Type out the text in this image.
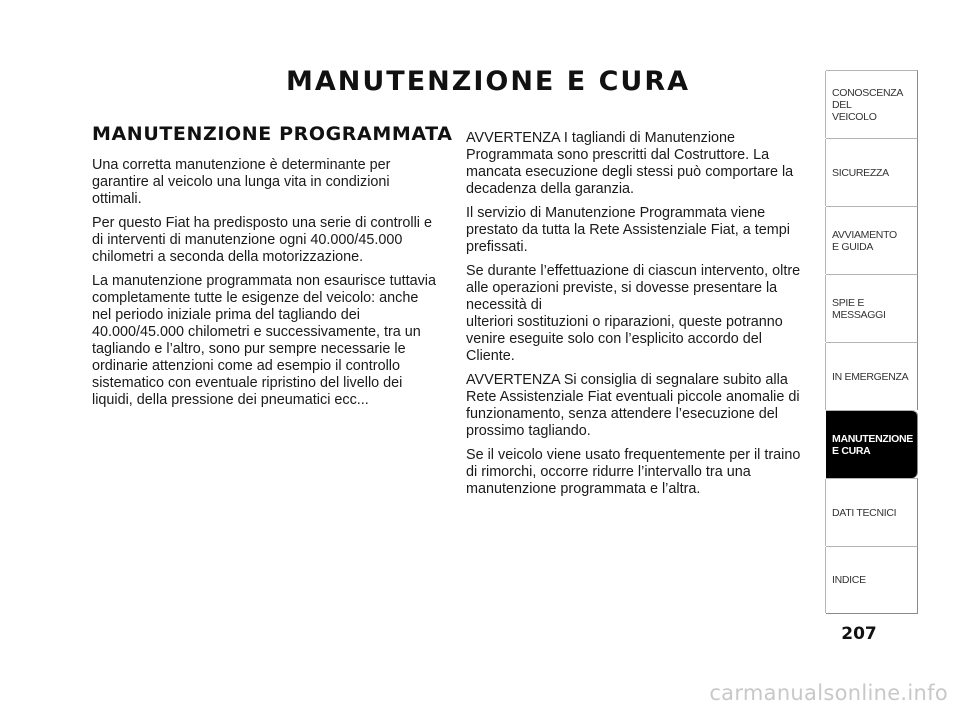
MANUTENZIONE E CURA
MANUTENZIONE PROGRAMMATA

Una corretta manutenzione è determinante per garantire al veicolo una lunga vita in condizioni ottimali.

Per questo Fiat ha predisposto una serie di controlli e di interventi di manutenzione ogni 40.000/45.000 chilometri a seconda della motorizzazione.

La manutenzione programmata non esaurisce tuttavia completamente tutte le esigenze del veicolo: anche nel periodo iniziale prima del tagliando dei 40.000/45.000 chilometri e successivamente, tra un tagliando e l’altro, sono pur sempre necessarie le ordinarie attenzioni come ad esempio il controllo sistematico con eventuale ripristino del livello dei liquidi, della pressione dei pneumatici ecc...

AVVERTENZA I tagliandi di Manutenzione Programmata sono prescritti dal Costruttore. La mancata esecuzione degli stessi può comportare la decadenza della garanzia.

Il servizio di Manutenzione Programmata viene prestato da tutta la Rete Assistenziale Fiat, a tempi prefissati.

Se durante l’effettuazione di ciascun intervento, oltre alle operazioni previste, si dovesse presentare la necessità di
ulteriori sostituzioni o riparazioni, queste potranno venire eseguite solo con l’esplicito accordo del Cliente.

AVVERTENZA Si consiglia di segnalare subito alla Rete Assistenziale Fiat eventuali piccole anomalie di funzionamento, senza attendere l’esecuzione del prossimo tagliando.

Se il veicolo viene usato frequentemente per il traino di rimorchi, occorre ridurre l’intervallo tra una manutenzione programmata e l’altra.

CONOSCENZA
DEL
VEICOLO
SICUREZZA
AVVIAMENTO
E GUIDA
SPIE E
MESSAGGI
IN EMERGENZA
MANUTENZIONE
E CURA
DATI TECNICI
INDICE
207
carmanualsonline.info
